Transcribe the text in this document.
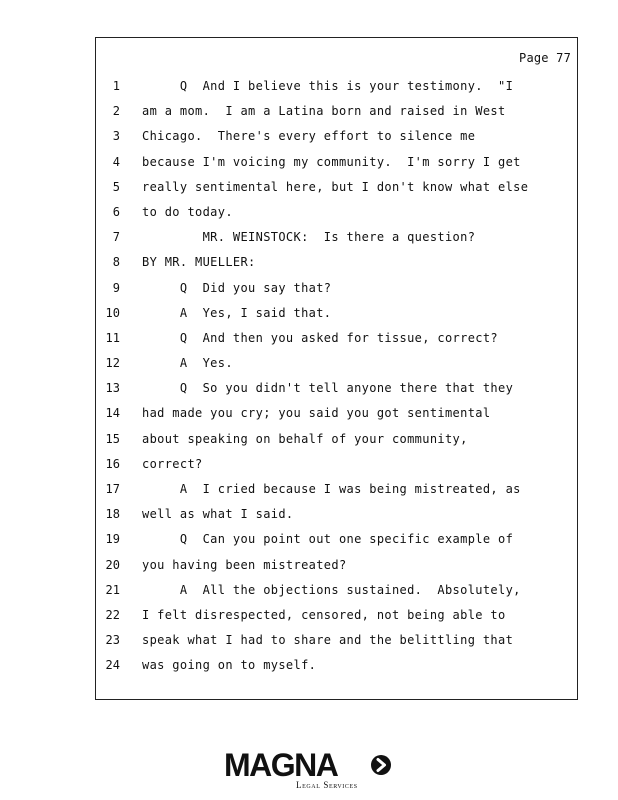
Page 77
1 Q  And I believe this is your testimony.  "I
2 am a mom.  I am a Latina born and raised in West
3 Chicago.  There's every effort to silence me
4 because I'm voicing my community.  I'm sorry I get
5 really sentimental here, but I don't know what else
6 to do today.
7 MR. WEINSTOCK:  Is there a question?
8 BY MR. MUELLER:
9 Q  Did you say that?
10 A  Yes, I said that.
11 Q  And then you asked for tissue, correct?
12 A  Yes.
13 Q  So you didn't tell anyone there that they
14 had made you cry; you said you got sentimental
15 about speaking on behalf of your community,
16 correct?
17 A  I cried because I was being mistreated, as
18 well as what I said.
19 Q  Can you point out one specific example of
20 you having been mistreated?
21 A  All the objections sustained.  Absolutely,
22 I felt disrespected, censored, not being able to
23 speak what I had to share and the belittling that
24 was going on to myself.
MAGNA
Legal Services
